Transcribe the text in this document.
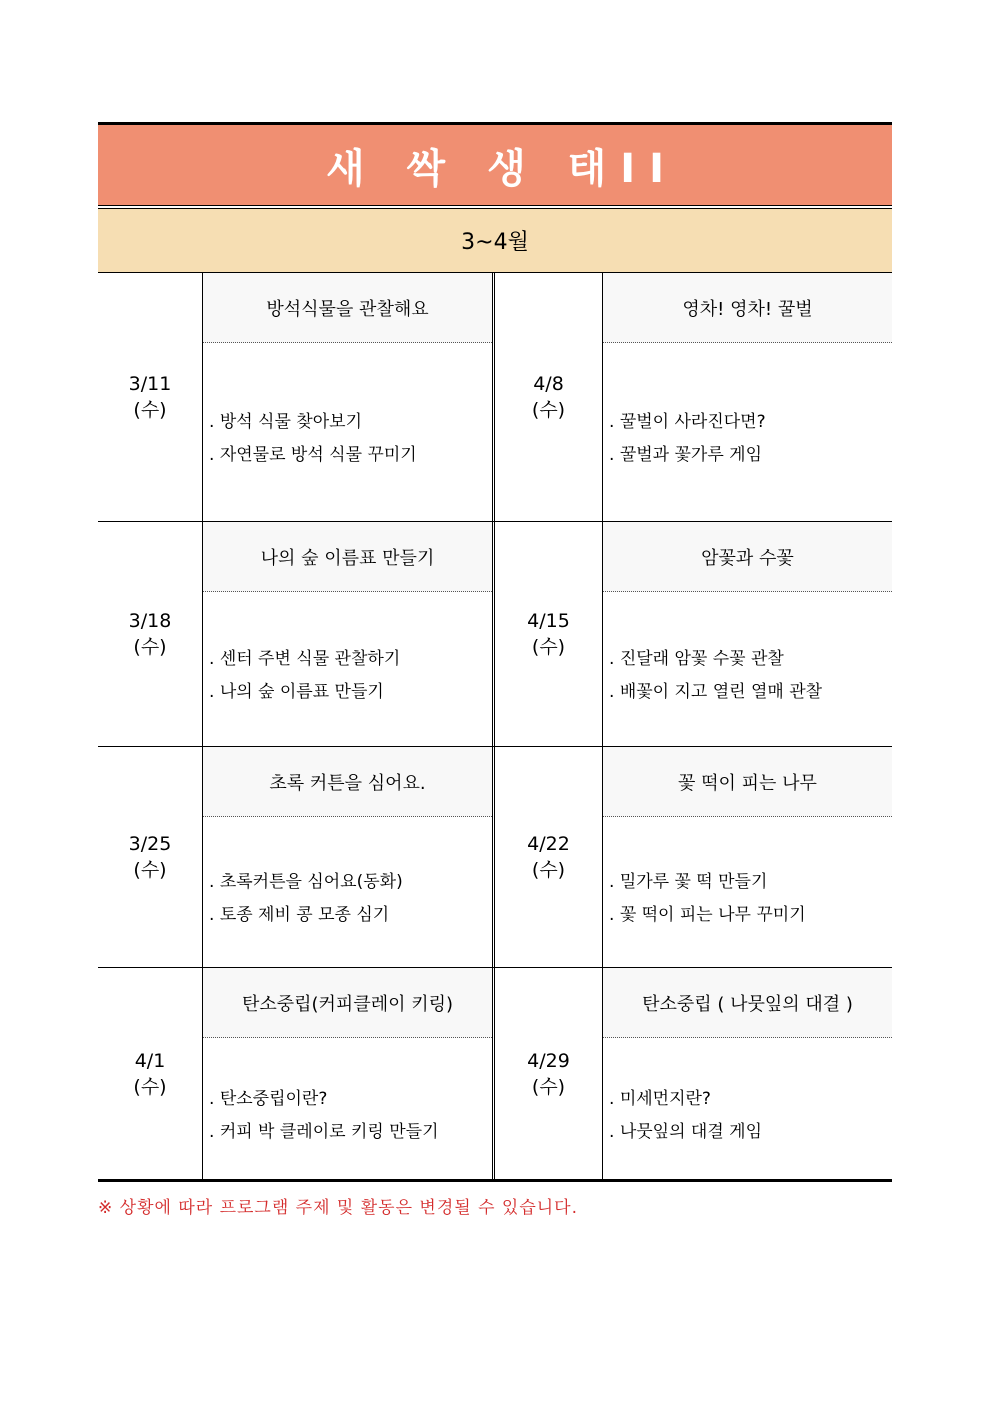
새 싹 생 태II
3~4월
3/11
(수)
방석식물을 관찰해요
. 방석 식물 찾아보기
. 자연물로 방석 식물 꾸미기
4/8
(수)
영차! 영차! 꿀벌
. 꿀벌이 사라진다면?
. 꿀벌과 꽃가루 게임
3/18
(수)
나의 숲 이름표 만들기
. 센터 주변 식물 관찰하기
. 나의 숲 이름표 만들기
4/15
(수)
암꽃과 수꽃
. 진달래 암꽃 수꽃 관찰
. 배꽃이 지고 열린 열매 관찰
3/25
(수)
초록 커튼을 심어요.
. 초록커튼을 심어요(동화)
. 토종 제비 콩 모종 심기
4/22
(수)
꽃 떡이 피는 나무
. 밀가루 꽃 떡 만들기
. 꽃 떡이 피는 나무 꾸미기
4/1
(수)
탄소중립(커피클레이 키링)
. 탄소중립이란?
. 커피 박 클레이로 키링 만들기
4/29
(수)
탄소중립 ( 나뭇잎의 대결 )
. 미세먼지란?
. 나뭇잎의 대결 게임
※ 상황에 따라 프로그램 주제 및 활동은 변경될 수 있습니다.
